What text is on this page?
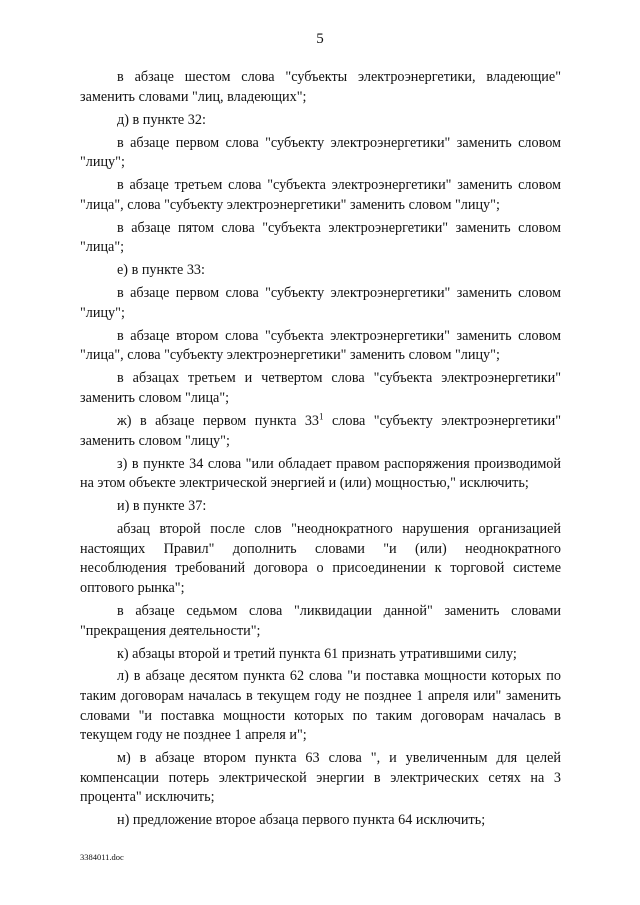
5

в абзаце шестом слова "субъекты электроэнергетики, владеющие" заменить словами "лиц, владеющих";

д) в пункте 32:

в абзаце первом слова "субъекту электроэнергетики" заменить словом "лицу";

в абзаце третьем слова "субъекта электроэнергетики" заменить словом "лица", слова "субъекту электроэнергетики" заменить словом "лицу";

в абзаце пятом слова "субъекта электроэнергетики" заменить словом "лица";

е) в пункте 33:

в абзаце первом слова "субъекту электроэнергетики" заменить словом "лицу";

в абзаце втором слова "субъекта электроэнергетики" заменить словом "лица", слова "субъекту электроэнергетики" заменить словом "лицу";

в абзацах третьем и четвертом слова "субъекта электроэнергетики" заменить словом "лица";

ж) в абзаце первом пункта $33^1$ слова "субъекту электроэнергетики" заменить словом "лицу";

з) в пункте 34 слова "или обладает правом распоряжения производимой на этом объекте электрической энергией и (или) мощностью," исключить;

и) в пункте 37:

абзац второй после слов "неоднократного нарушения организацией настоящих Правил" дополнить словами "и (или) неоднократного несоблюдения требований договора о присоединении к торговой системе оптового рынка";

в абзаце седьмом слова "ликвидации данной" заменить словами "прекращения деятельности";

к) абзацы второй и третий пункта 61 признать утратившими силу;

л) в абзаце десятом пункта 62 слова "и поставка мощности которых по таким договорам началась в текущем году не позднее 1 апреля или" заменить словами "и поставка мощности которых по таким договорам началась в текущем году не позднее 1 апреля и";

м) в абзаце втором пункта 63 слова ", и увеличенным для целей компенсации потерь электрической энергии в электрических сетях на 3 процента" исключить;

н) предложение второе абзаца первого пункта 64 исключить;

3384011.doc
